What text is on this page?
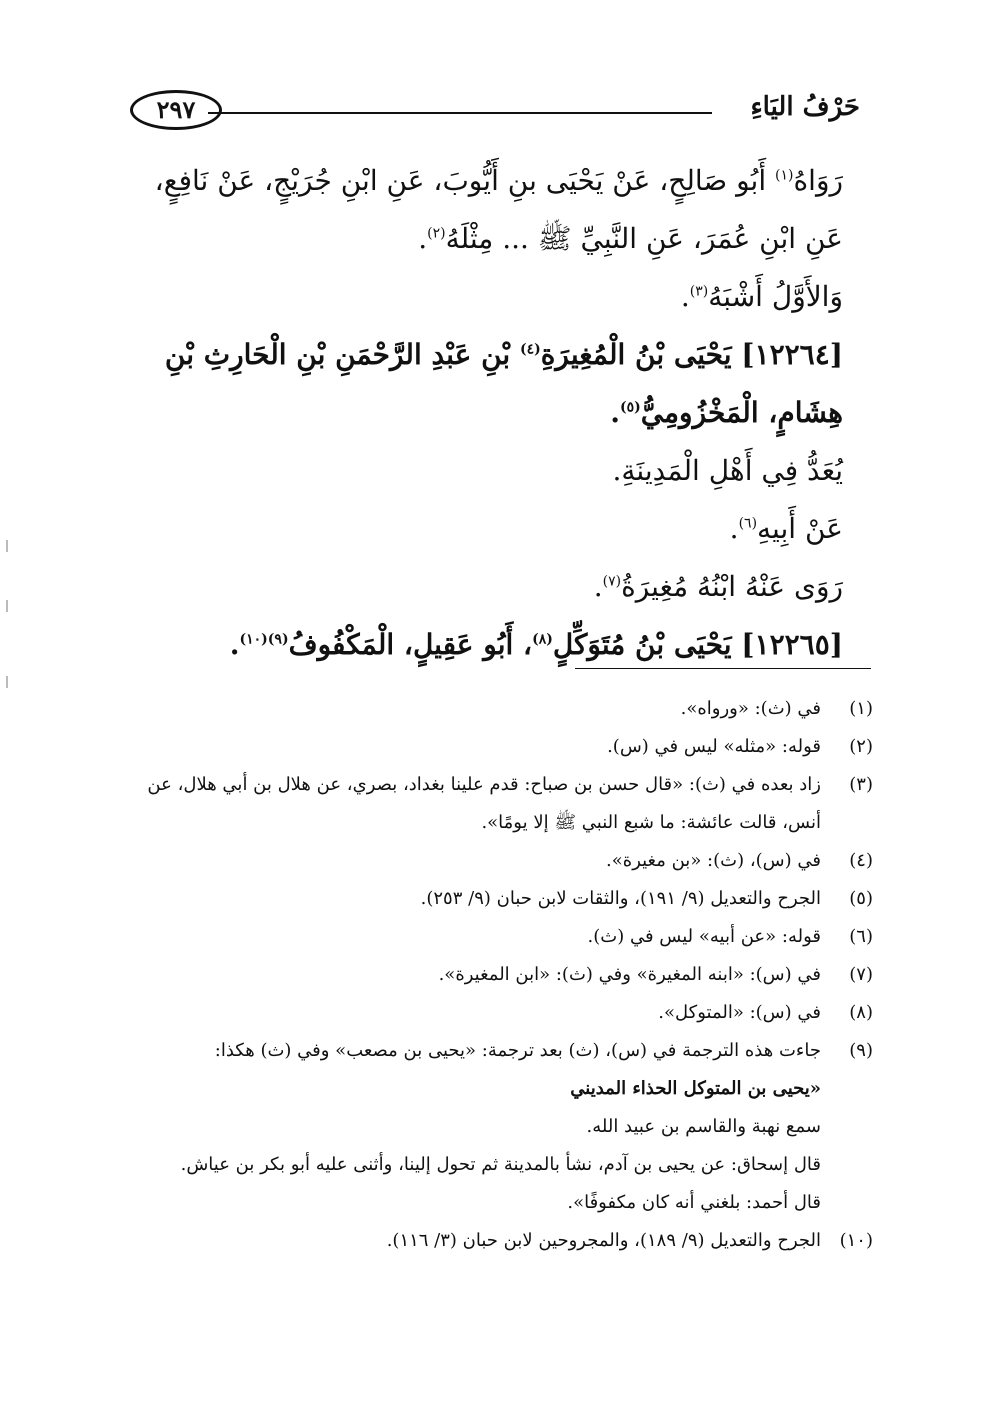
حَرْفُ اليَاءِ
٢٩٧

رَوَاهُ$^{(١)}$ أَبُو صَالِحٍ، عَنْ يَحْيَى بنِ أَيُّوبَ، عَنِ ابْنِ جُرَيْجٍ، عَنْ نَافِعٍ، عَنِ ابْنِ عُمَرَ، عَنِ النَّبِيِّ ﷺ ... مِثْلَهُ$^{(٢)}$.

وَالأَوَّلُ أَشْبَهُ$^{(٣)}$.

[١٢٢٦٤] يَحْيَى بْنُ الْمُغِيرَةِ$^{(٤)}$ بْنِ عَبْدِ الرَّحْمَنِ بْنِ الْحَارِثِ بْنِ هِشَامٍ، الْمَخْزُومِيُّ$^{(٥)}$.

يُعَدُّ فِي أَهْلِ الْمَدِينَةِ.

عَنْ أَبِيهِ$^{(٦)}$.

رَوَى عَنْهُ ابْنُهُ مُغِيرَةُ$^{(٧)}$.

[١٢٢٦٥] يَحْيَى بْنُ مُتَوَكِّلٍ$^{(٨)}$، أَبُو عَقِيلٍ، الْمَكْفُوفُ$^{(٩)(١٠)}$.

(١)
في (ث): «ورواه».
(٢)
قوله: «مثله» ليس في (س).
(٣)
زاد بعده في (ث): «قال حسن بن صباح: قدم علينا بغداد، بصري، عن هلال بن أبي هلال، عن أنس، قالت عائشة: ما شبع النبي ﷺ إلا يومًا».
(٤)
في (س)، (ث): «بن مغيرة».
(٥)
الجرح والتعديل (٩/ ١٩١)، والثقات لابن حبان (٩/ ٢٥٣).
(٦)
قوله: «عن أبيه» ليس في (ث).
(٧)
في (س): «ابنه المغيرة» وفي (ث): «ابن المغيرة».
(٨)
في (س): «المتوكل».
(٩)
جاءت هذه الترجمة في (س)، (ث) بعد ترجمة: «يحيى بن مصعب» وفي (ث) هكذا:
«يحيى بن المتوكل الحذاء المديني
سمع نهبة والقاسم بن عبيد الله.
قال إسحاق: عن يحيى بن آدم، نشأ بالمدينة ثم تحول إلينا، وأثنى عليه أبو بكر بن عياش.
قال أحمد: بلغني أنه كان مكفوفًا».
(١٠)
الجرح والتعديل (٩/ ١٨٩)، والمجروحين لابن حبان (٣/ ١١٦).
